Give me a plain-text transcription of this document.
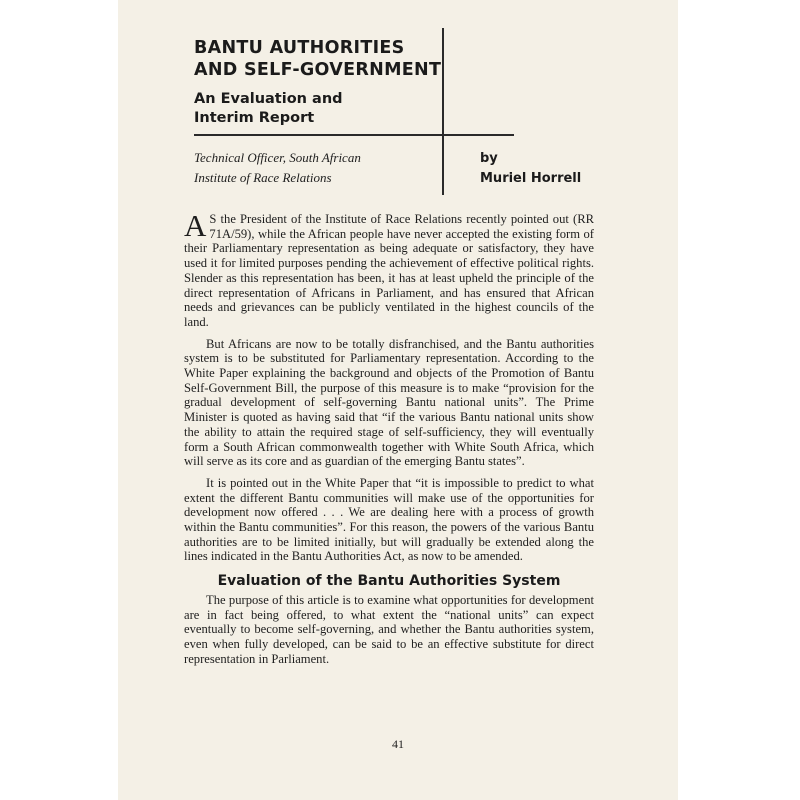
BANTU AUTHORITIES
AND SELF-GOVERNMENT
An Evaluation and
Interim Report
Technical Officer, South African
Institute of Race Relations
by
Muriel Horrell

A S the President of the Institute of Race Relations recently pointed out (RR 71A/59), while the African people have never accepted the existing form of their Parliamentary representation as being adequate or satisfactory, they have used it for limited purposes pending the achievement of effective political rights. Slender as this representation has been, it has at least upheld the principle of the direct representation of Africans in Parliament, and has ensured that African needs and grievances can be publicly ventilated in the highest councils of the land.

But Africans are now to be totally disfranchised, and the Bantu authorities system is to be substituted for Parliamentary representation. According to the White Paper explaining the background and objects of the Promotion of Bantu Self-Government Bill, the purpose of this measure is to make “provision for the gradual development of self-governing Bantu national units”. The Prime Minister is quoted as having said that “if the various Bantu national units show the ability to attain the required stage of self-sufficiency, they will eventually form a South African commonwealth together with White South Africa, which will serve as its core and as guardian of the emerging Bantu states”.

It is pointed out in the White Paper that “it is impossible to predict to what extent the different Bantu communities will make use of the opportunities for development now offered . . . We are dealing here with a process of growth within the Bantu communities”. For this reason, the powers of the various Bantu authorities are to be limited initially, but will gradually be extended along the lines indicated in the Bantu Authorities Act, as now to be amended.

Evaluation of the Bantu Authorities System

The purpose of this article is to examine what opportunities for development are in fact being offered, to what extent the “national units” can expect eventually to become self-governing, and whether the Bantu authorities system, even when fully developed, can be said to be an effective substitute for direct representation in Parliament.

41
